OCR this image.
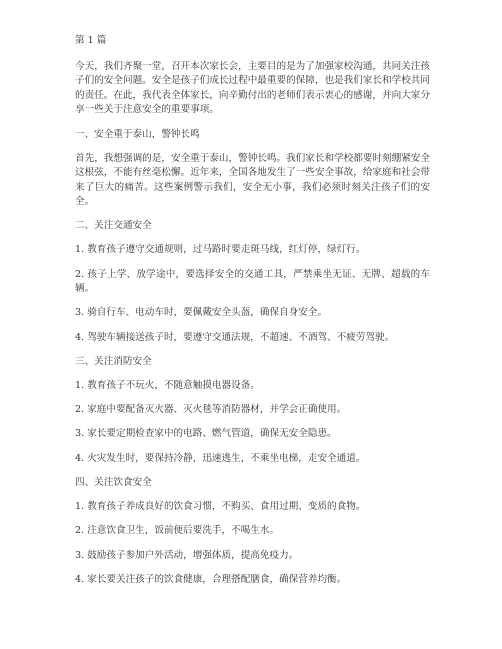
第 1 篇

今天，我们齐聚一堂，召开本次家长会，主要目的是为了加强家校沟通，共同关注孩子们的安全问题。安全是孩子们成长过程中最重要的保障，也是我们家长和学校共同的责任。在此，我代表全体家长，向辛勤付出的老师们表示衷心的感谢，并向大家分享一些关于注意安全的重要事项。

一、安全重于泰山，警钟长鸣

首先，我想强调的是，安全重于泰山，警钟长鸣。我们家长和学校都要时刻绷紧安全这根弦，不能有丝毫松懈。近年来，全国各地发生了一些安全事故，给家庭和社会带来了巨大的痛苦。这些案例警示我们，安全无小事，我们必须时刻关注孩子们的安全。

二、关注交通安全

1. 教育孩子遵守交通规则，过马路时要走斑马线，红灯停，绿灯行。

2. 孩子上学、放学途中，要选择安全的交通工具，严禁乘坐无证、无牌、超载的车辆。

3. 骑自行车、电动车时，要佩戴安全头盔，确保自身安全。

4. 驾驶车辆接送孩子时，要遵守交通法规，不超速、不酒驾、不疲劳驾驶。

三、关注消防安全

1. 教育孩子不玩火，不随意触摸电器设备。

2. 家庭中要配备灭火器、灭火毯等消防器材，并学会正确使用。

3. 家长要定期检查家中的电路、燃气管道，确保无安全隐患。

4. 火灾发生时，要保持冷静，迅速逃生，不乘坐电梯，走安全通道。

四、关注饮食安全

1. 教育孩子养成良好的饮食习惯，不购买、食用过期、变质的食物。

2. 注意饮食卫生，饭前便后要洗手，不喝生水。

3. 鼓励孩子参加户外活动，增强体质，提高免疫力。

4. 家长要关注孩子的饮食健康，合理搭配膳食，确保营养均衡。
